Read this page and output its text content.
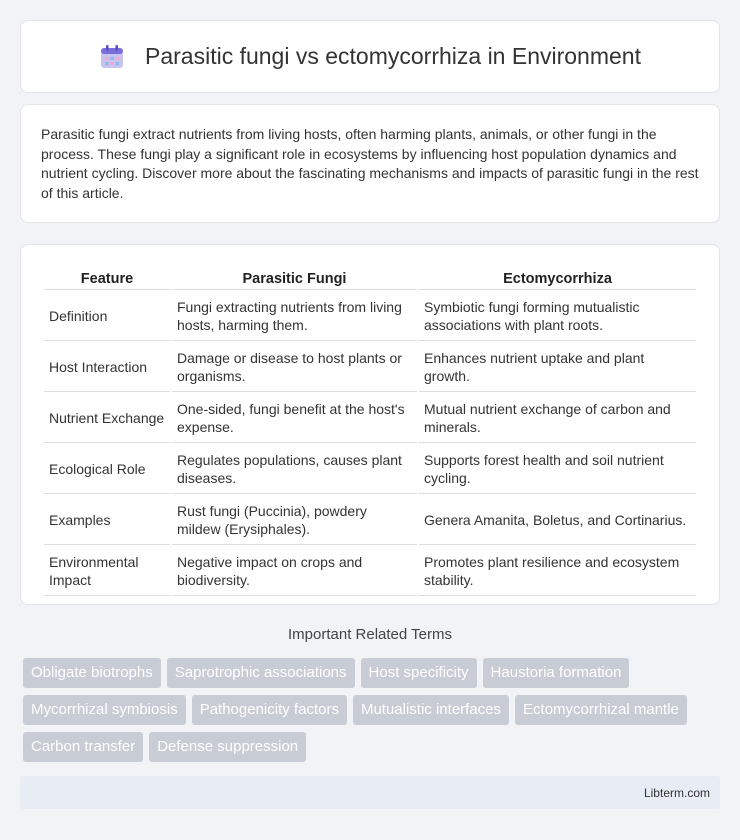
Parasitic fungi vs ectomycorrhiza in Environment

Parasitic fungi extract nutrients from living hosts, often harming plants, animals, or other fungi in the process. These fungi play a significant role in ecosystems by influencing host population dynamics and nutrient cycling. Discover more about the fascinating mechanisms and impacts of parasitic fungi in the rest of this article.

Feature	Parasitic Fungi	Ectomycorrhiza
Definition	Fungi extracting nutrients from living hosts, harming them.	Symbiotic fungi forming mutualistic associations with plant roots.
Host Interaction	Damage or disease to host plants or organisms.	Enhances nutrient uptake and plant growth.
Nutrient Exchange	One-sided, fungi benefit at the host's expense.	Mutual nutrient exchange of carbon and minerals.
Ecological Role	Regulates populations, causes plant diseases.	Supports forest health and soil nutrient cycling.
Examples	Rust fungi (Puccinia), powdery mildew (Erysiphales).	Genera Amanita, Boletus, and Cortinarius.
Environmental Impact	Negative impact on crops and biodiversity.	Promotes plant resilience and ecosystem stability.
Important Related Terms
Obligate biotrophs	Saprotrophic associations	Host specificity	Haustoria formation
Mycorrhizal symbiosis	Pathogenicity factors	Mutualistic interfaces	Ectomycorrhizal mantle
Carbon transfer	Defense suppression
Libterm.com
